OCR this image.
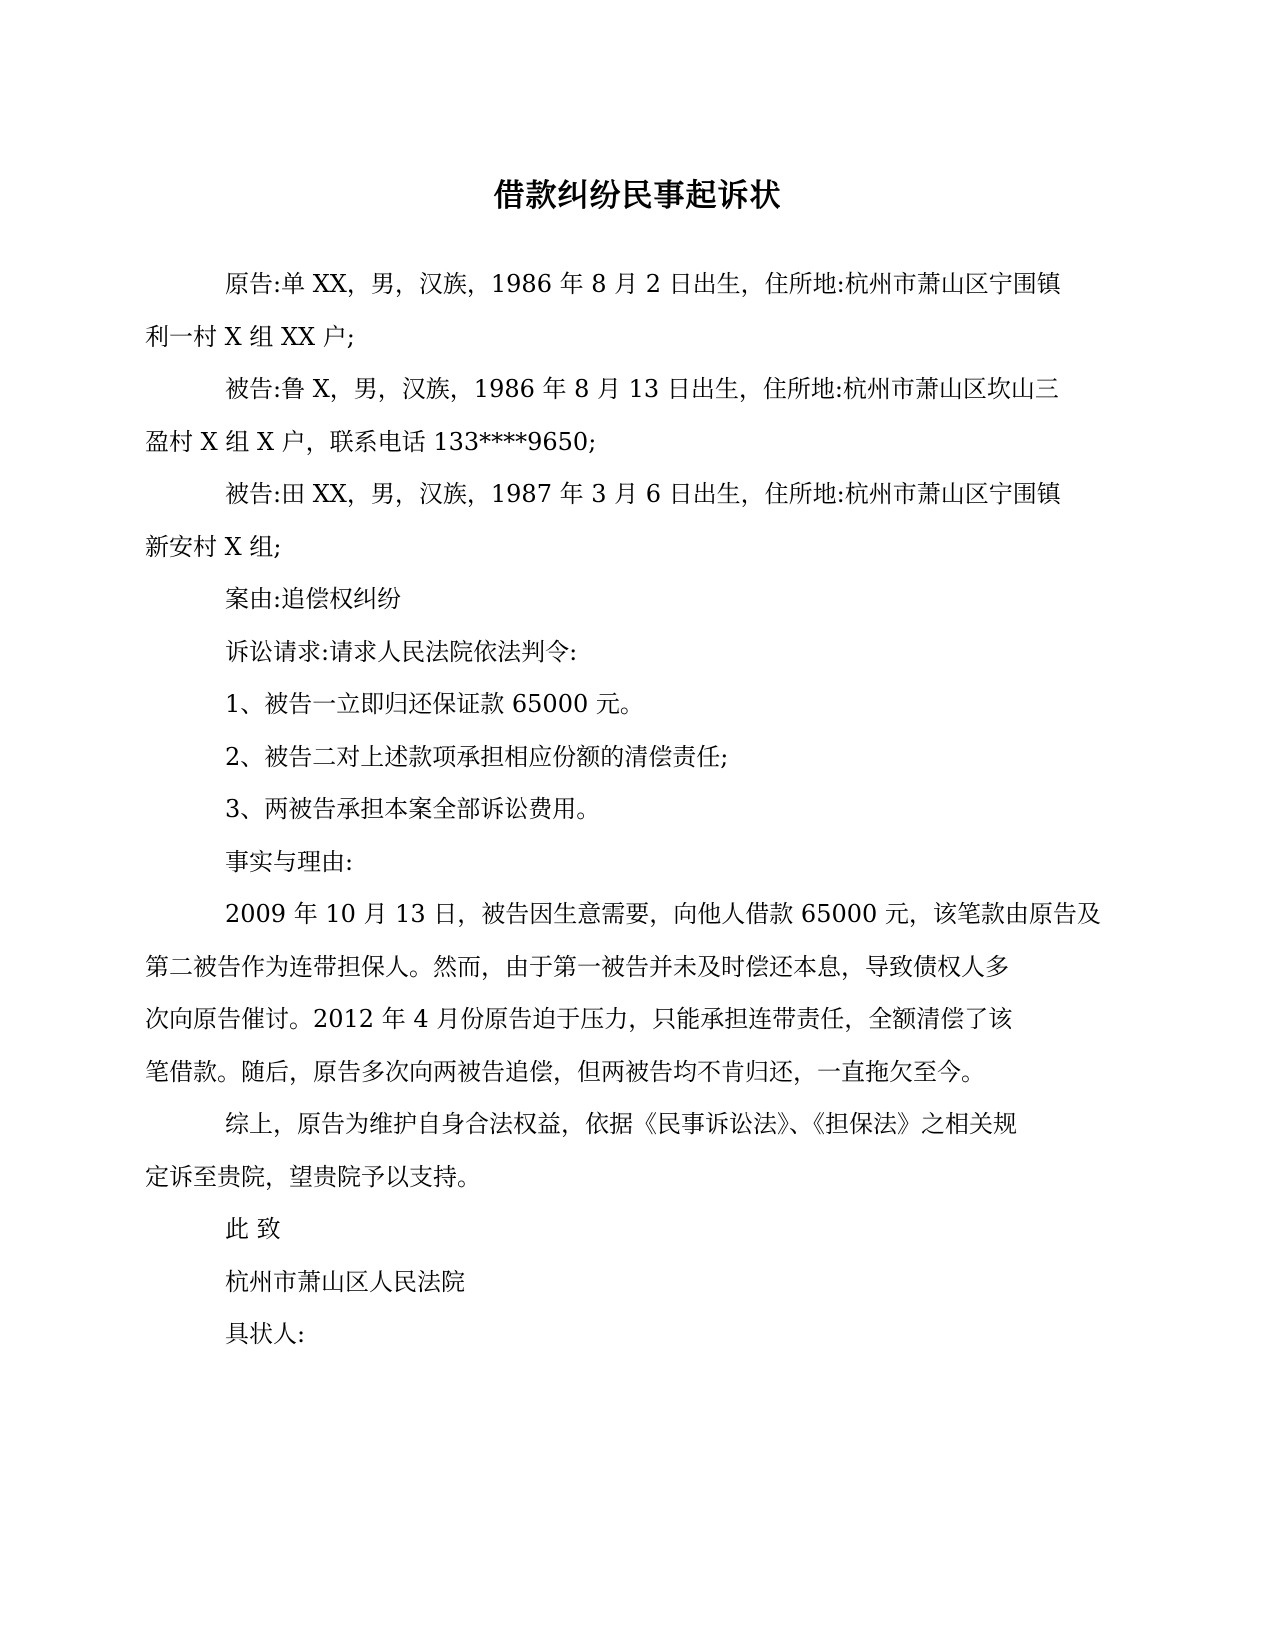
借款纠纷民事起诉状

原告:单 XX，男，汉族，1986 年 8 月 2 日出生，住所地:杭州市萧山区宁围镇
利一村 X 组 XX 户;

被告:鲁 X，男，汉族，1986 年 8 月 13 日出生，住所地:杭州市萧山区坎山三
盈村 X 组 X 户，联系电话 133****9650;

被告:田 XX，男，汉族，1987 年 3 月 6 日出生，住所地:杭州市萧山区宁围镇
新安村 X 组;

案由:追偿权纠纷

诉讼请求:请求人民法院依法判令:

1、被告一立即归还保证款 65000 元。

2、被告二对上述款项承担相应份额的清偿责任;

3、两被告承担本案全部诉讼费用。

事实与理由:

2009 年 10 月 13 日，被告因生意需要，向他人借款 65000 元，该笔款由原告及
第二被告作为连带担保人。然而，由于第一被告并未及时偿还本息，导致债权人多
次向原告催讨。2012 年 4 月份原告迫于压力，只能承担连带责任，全额清偿了该
笔借款。随后，原告多次向两被告追偿，但两被告均不肯归还，一直拖欠至今。

综上，原告为维护自身合法权益，依据《民事诉讼法》、《担保法》之相关规
定诉至贵院，望贵院予以支持。

此 致

杭州市萧山区人民法院

具状人:
